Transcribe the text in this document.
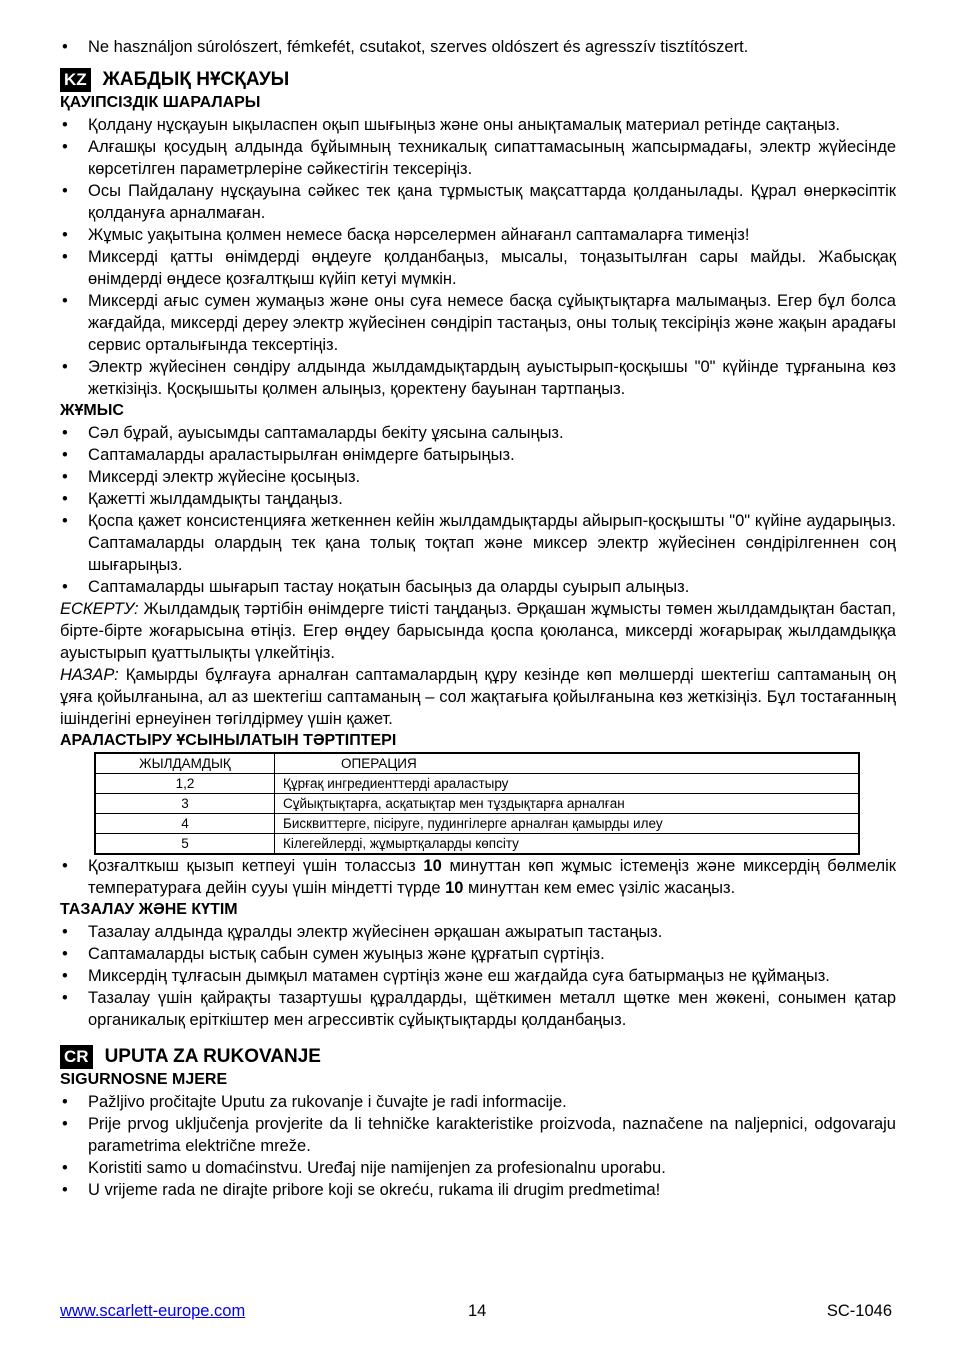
• Ne használjon súrolószert, fémkefét, csutakot, szerves oldószert és agresszív tisztítószert.
KZ ЖАБДЫҚ НҰСҚАУЫ
ҚАУІПСІЗДІК ШАРАЛАРЫ
• Қолдану нұсқауын ықыласпен оқып шығыңыз және оны анықтамалық материал ретінде сақтаңыз.
• Алғашқы қосудың алдында бұйымның техникалық сипаттамасының жапсырмадағы, электр жүйесінде көрсетілген параметрлеріне сәйкестігін тексеріңіз.
• Осы Пайдалану нұсқауына сәйкес тек қана тұрмыстық мақсаттарда қолданылады. Құрал өнеркәсіптік қолдануға арналмаған.
• Жұмыс уақытына қолмен немесе басқа нәрселермен айнағанл саптамаларға тимеңіз!
• Миксерді қатты өнімдерді өңдеуге қолданбаңыз, мысалы, тоңазытылған сары майды. Жабысқақ өнімдерді өңдесе қозғалтқыш күйіп кетуі мүмкін.
• Миксерді ағыс сумен жумаңыз және оны суға немесе басқа сұйықтықтарға малымаңыз. Егер бұл болса жағдайда, миксерді дереу электр жүйесінен сөндіріп тастаңыз, оны толық тексіріңіз және жақын арадағы сервис орталығында тексертіңіз.
• Электр жүйесінен сөндіру алдында жылдамдықтардың ауыстырып-қосқышы "0" күйінде тұрғанына көз жеткізіңіз. Қосқышыты қолмен алыңыз, қоректену бауынан тартпаңыз.
ЖҰМЫС
• Сәл бұрай, ауысымды саптамаларды бекіту ұясына салыңыз.
• Саптамаларды араластырылған өнімдерге батырыңыз.
• Миксерді электр жүйесіне қосыңыз.
• Қажетті жылдамдықты таңдаңыз.
• Қоспа қажет консистенцияға жеткеннен кейін жылдамдықтарды айырып-қосқышты "0" күйіне аударыңыз. Саптамаларды олардың тек қана толық тоқтап және миксер электр жүйесінен сөндірілгеннен соң шығарыңыз.
• Саптамаларды шығарып тастау ноқатын басыңыз да оларды суырып алыңыз.

ЕСКЕРТУ: Жылдамдық тәртібін өнімдерге тиісті таңдаңыз. Әрқашан жұмысты төмен жылдамдықтан бастап, бірте-бірте жоғарысына өтіңіз. Егер өңдеу барысында қоспа қоюланса, миксерді жоғарырақ жылдамдыққа ауыстырып қуаттылықты үлкейтіңіз.

НАЗАР: Қамырды бұлғауға арналған саптамалардың құру кезінде көп мөлшерді шектегіш саптаманың оң ұяға қойылғанына, ал аз шектегіш саптаманың – сол жақтағыға қойылғанына көз жеткізіңіз. Бұл тостағанның ішіндегіні ернеуінен төгілдірмеу үшін қажет.

АРАЛАСТЫРУ ҰСЫНЫЛАТЫН ТӘРТІПТЕРІ
ЖЫЛДАМДЫҚ	ОПЕРАЦИЯ
1,2	Құрғақ ингредиенттерді араластыру
3	Сұйықтықтарға, асқатықтар мен тұздықтарға арналған
4	Бисквиттерге, пісіруге, пудингілерге арналған қамырды илеу
5	Кілегейлерді, жұмыртқаларды көпсіту
• Қозғалткыш қызып кетпеуі үшін толассыз 10 минуттан көп жұмыс істемеңіз және миксердің бөлмелік температураға дейін сууы үшін міндетті түрде 10 минуттан кем емес үзіліс жасаңыз.
ТАЗАЛАУ ЖӘНЕ КҮТІМ
• Тазалау алдында құралды электр жүйесінен әрқашан ажыратып тастаңыз.
• Саптамаларды ыстық сабын сумен жуыңыз және құрғатып сүртіңіз.
• Миксердің тұлғасын дымқыл матамен сүртіңіз және еш жағдайда суға батырмаңыз не құймаңыз.
• Тазалау үшін қайрақты тазартушы құралдарды, щёткимен металл щөтке мен жөкені, сонымен қатар органикалық еріткіштер мен агрессивтік сұйықтықтарды қолданбаңыз.
CR UPUTA ZA RUKOVANJE
SIGURNOSNE MJERE
• Pažljivo pročitajte Uputu za rukovanje i čuvajte je radi informacije.
• Prije prvog uključenja provjerite da li tehničke karakteristike proizvoda, naznačene na naljepnici, odgovaraju parametrima električne mreže.
• Koristiti samo u domaćinstvu. Uređaj nije namijenjen za profesionalnu uporabu.
• U vrijeme rada ne dirajte pribore koji se okreću, rukama ili drugim predmetima!
www.scarlett-europe.com	14	SC-1046
